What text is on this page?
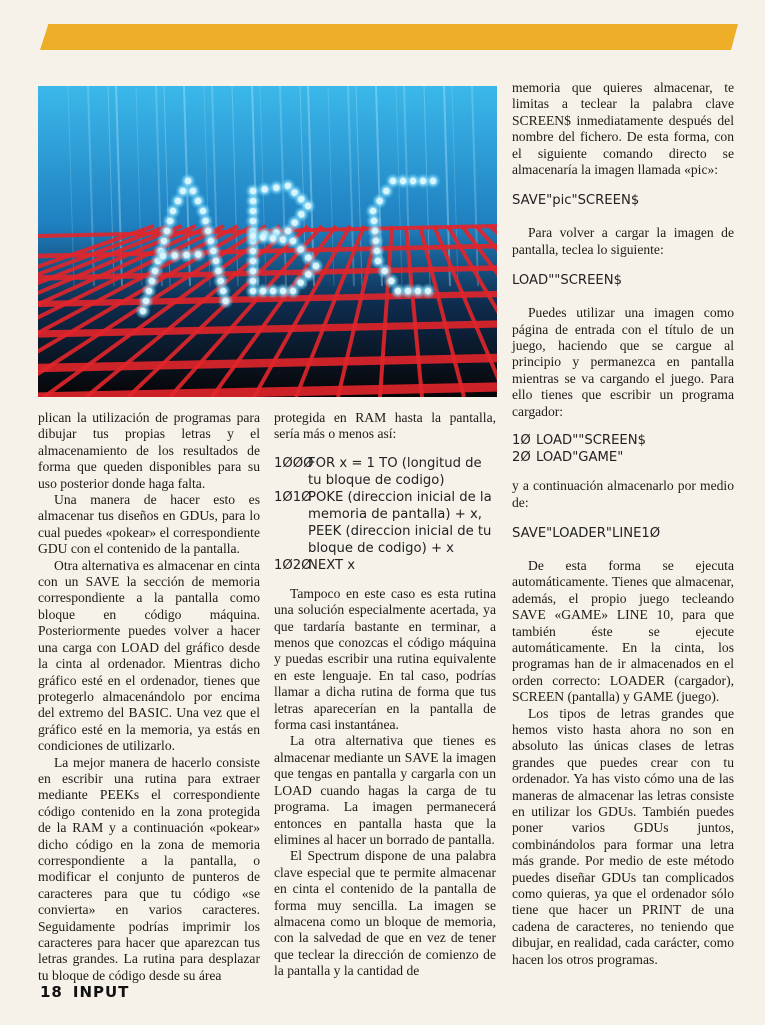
plican la utilización de programas para dibujar tus propias letras y el almacenamiento de los resultados de forma que queden disponibles para su uso posterior donde haga falta.

Una manera de hacer esto es almacenar tus diseños en GDUs, para lo cual puedes «pokear» el correspondiente GDU con el contenido de la pantalla.

Otra alternativa es almacenar en cinta con un SAVE la sección de memoria correspondiente a la pantalla como bloque en código máquina. Posteriormente puedes volver a hacer una carga con LOAD del gráfico desde la cinta al ordenador. Mientras dicho gráfico esté en el ordenador, tienes que protegerlo almacenándolo por encima del extremo del BASIC. Una vez que el gráfico esté en la memoria, ya estás en condiciones de utilizarlo.

La mejor manera de hacerlo consiste en escribir una rutina para extraer mediante PEEKs el correspondiente código contenido en la zona protegida de la RAM y a continuación «pokear» dicho código en la zona de memoria correspondiente a la pantalla, o modificar el conjunto de punteros de caracteres para que tu código «se convierta» en varios caracteres. Seguidamente podrías imprimir los caracteres para hacer que aparezcan tus letras grandes. La rutina para desplazar tu bloque de código desde su área

protegida en RAM hasta la pantalla, sería más o menos así:

1ØØØ
FOR x = 1 TO (longitud de tu bloque de codigo)
1Ø1Ø
POKE (direccion inicial de la memoria de pantalla) + x, PEEK (direccion inicial de tu bloque de codigo) + x
1Ø2Ø
NEXT x

Tampoco en este caso es esta rutina una solución especialmente acertada, ya que tardaría bastante en terminar, a menos que conozcas el código máquina y puedas escribir una rutina equivalente en este lenguaje. En tal caso, podrías llamar a dicha rutina de forma que tus letras aparecerían en la pantalla de forma casi instantánea.

La otra alternativa que tienes es almacenar mediante un SAVE la imagen que tengas en pantalla y cargarla con un LOAD cuando hagas la carga de tu programa. La imagen permanecerá entonces en pantalla hasta que la elimines al hacer un borrado de pantalla.

El Spectrum dispone de una palabra clave especial que te permite almacenar en cinta el contenido de la pantalla de forma muy sencilla. La imagen se almacena como un bloque de memoria, con la salvedad de que en vez de tener que teclear la dirección de comienzo de la pantalla y la cantidad de

memoria que quieres almacenar, te limitas a teclear la palabra clave SCREEN$ inmediatamente después del nombre del fichero. De esta forma, con el siguiente comando directo se almacenaría la imagen llamada «pic»:

SAVE"pic"SCREEN$

Para volver a cargar la imagen de pantalla, teclea lo siguiente:

LOAD""SCREEN$

Puedes utilizar una imagen como página de entrada con el título de un juego, haciendo que se cargue al principio y permanezca en pantalla mientras se va cargando el juego. Para ello tienes que escribir un programa cargador:

1Ø LOAD""SCREEN$
2Ø LOAD"GAME"

y a continuación almacenarlo por medio de:

SAVE"LOADER"LINE1Ø

De esta forma se ejecuta automáticamente. Tienes que almacenar, además, el propio juego tecleando SAVE «GAME» LINE 10, para que también éste se ejecute automáticamente. En la cinta, los programas han de ir almacenados en el orden correcto: LOADER (cargador), SCREEN (pantalla) y GAME (juego).

Los tipos de letras grandes que hemos visto hasta ahora no son en absoluto las únicas clases de letras grandes que puedes crear con tu ordenador. Ya has visto cómo una de las maneras de almacenar las letras consiste en utilizar los GDUs. También puedes poner varios GDUs juntos, combinándolos para formar una letra más grande. Por medio de este método puedes diseñar GDUs tan complicados como quieras, ya que el ordenador sólo tiene que hacer un PRINT de una cadena de caracteres, no teniendo que dibujar, en realidad, cada carácter, como hacen los otros programas.

18 INPUT
